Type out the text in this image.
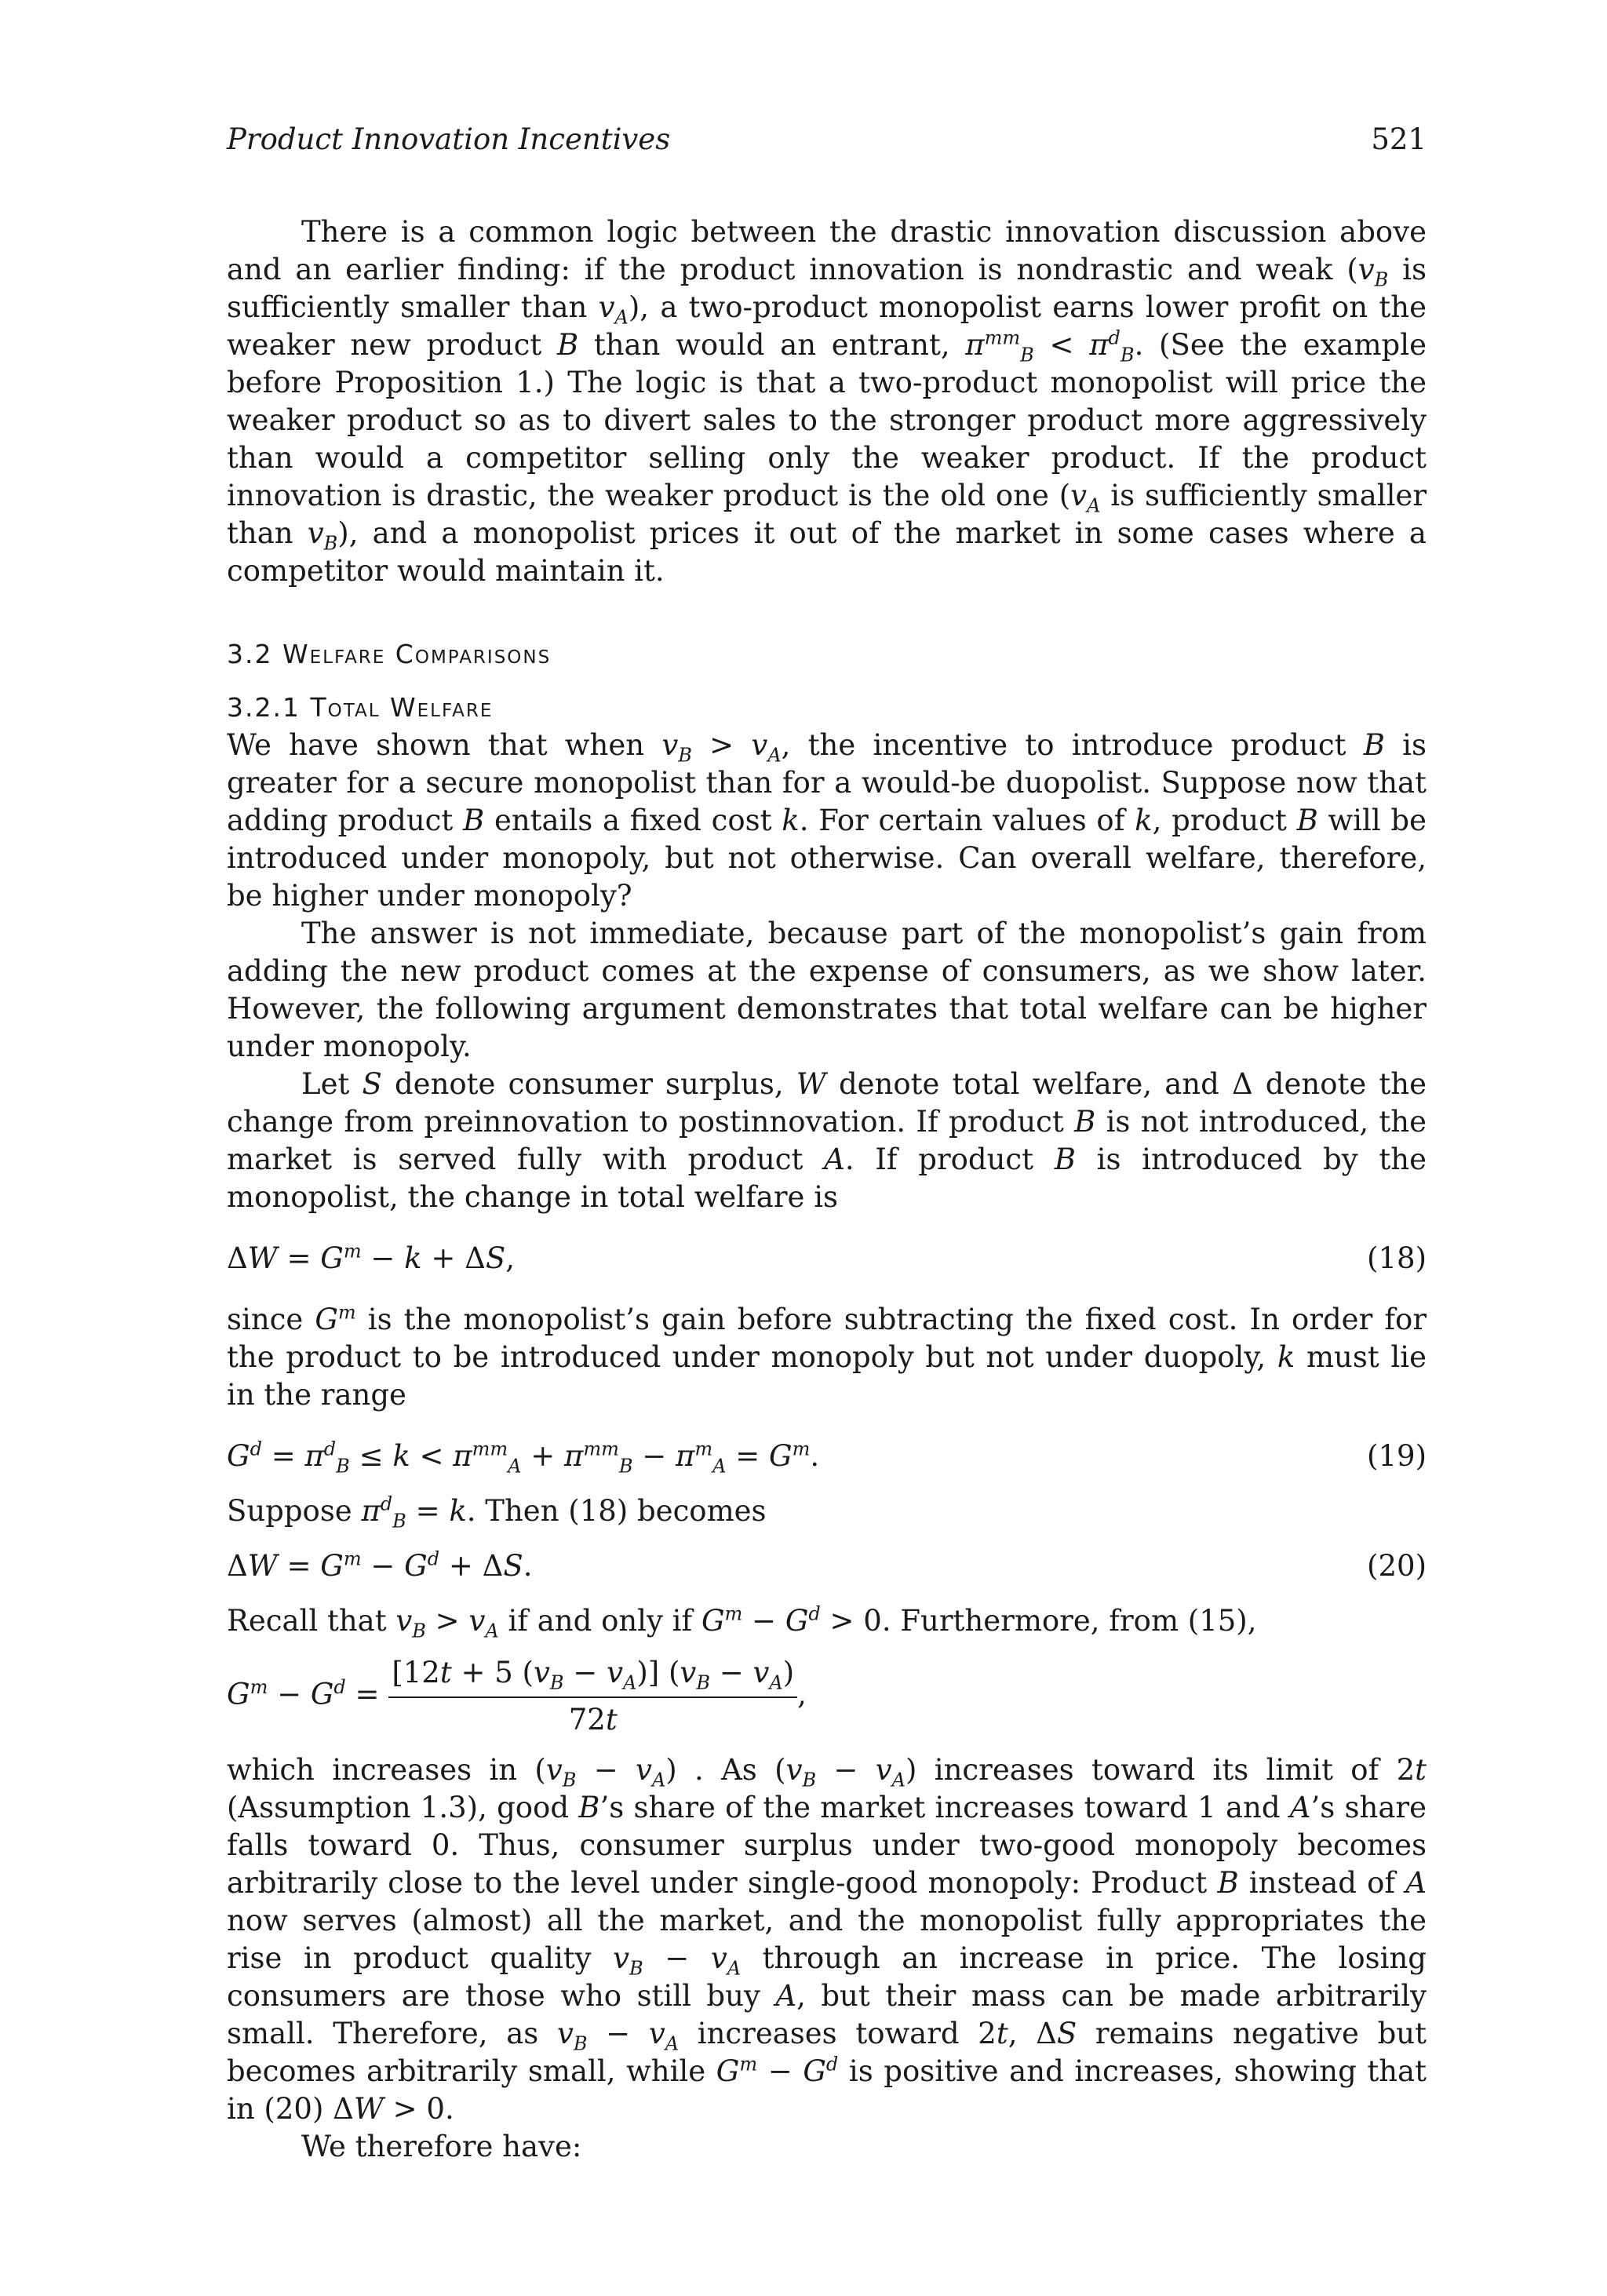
Product Innovation Incentives	521

There is a common logic between the drastic innovation discussion above and an earlier finding: if the product innovation is nondrastic and weak ($v_B$ is sufficiently smaller than $v_A$), a two-product monopolist earns lower profit on the weaker new product B than would an entrant, $\pi^{mm}_B < \pi^d_B$. (See the example before Proposition 1.) The logic is that a two-product monopolist will price the weaker product so as to divert sales to the stronger product more aggressively than would a competitor selling only the weaker product. If the product innovation is drastic, the weaker product is the old one ($v_A$ is sufficiently smaller than $v_B$), and a monopolist prices it out of the market in some cases where a competitor would maintain it.

3.2 Welfare Comparisons

3.2.1 Total Welfare

We have shown that when $v_B > v_A$, the incentive to introduce product B is greater for a secure monopolist than for a would-be duopolist. Suppose now that adding product B entails a fixed cost k. For certain values of k, product B will be introduced under monopoly, but not otherwise. Can overall welfare, therefore, be higher under monopoly?

The answer is not immediate, because part of the monopolist’s gain from adding the new product comes at the expense of consumers, as we show later. However, the following argument demonstrates that total welfare can be higher under monopoly.

Let S denote consumer surplus, W denote total welfare, and Δ denote the change from preinnovation to postinnovation. If product B is not introduced, the market is served fully with product A. If product B is introduced by the monopolist, the change in total welfare is

$\Delta W = G^m - k + \Delta S$,	(18)

since $G^m$ is the monopolist’s gain before subtracting the fixed cost. In order for the product to be introduced under monopoly but not under duopoly, k must lie in the range

$G^d = \pi^d_B \le k < \pi^{mm}_A + \pi^{mm}_B - \pi^m_A = G^m$.	(19)

Suppose $\pi^d_B = k$. Then (18) becomes

$\Delta W = G^m - G^d + \Delta S$.	(20)

Recall that $v_B > v_A$ if and only if $G^m - G^d > 0$. Furthermore, from (15),

$G^m - G^d = \frac{[12t + 5 (v_B - v_A)] (v_B - v_A)}{72t}$ ,

which increases in $(v_B - v_A)$ . As $(v_B - v_A)$ increases toward its limit of 2t (Assumption 1.3), good B’s share of the market increases toward 1 and A’s share falls toward 0. Thus, consumer surplus under two-good monopoly becomes arbitrarily close to the level under single-good monopoly: Product B instead of A now serves (almost) all the market, and the monopolist fully appropriates the rise in product quality $v_B - v_A$ through an increase in price. The losing consumers are those who still buy A, but their mass can be made arbitrarily small. Therefore, as $v_B - v_A$ increases toward 2t, ΔS remains negative but becomes arbitrarily small, while $G^m - G^d$ is positive and increases, showing that in (20) ΔW > 0.

We therefore have:
